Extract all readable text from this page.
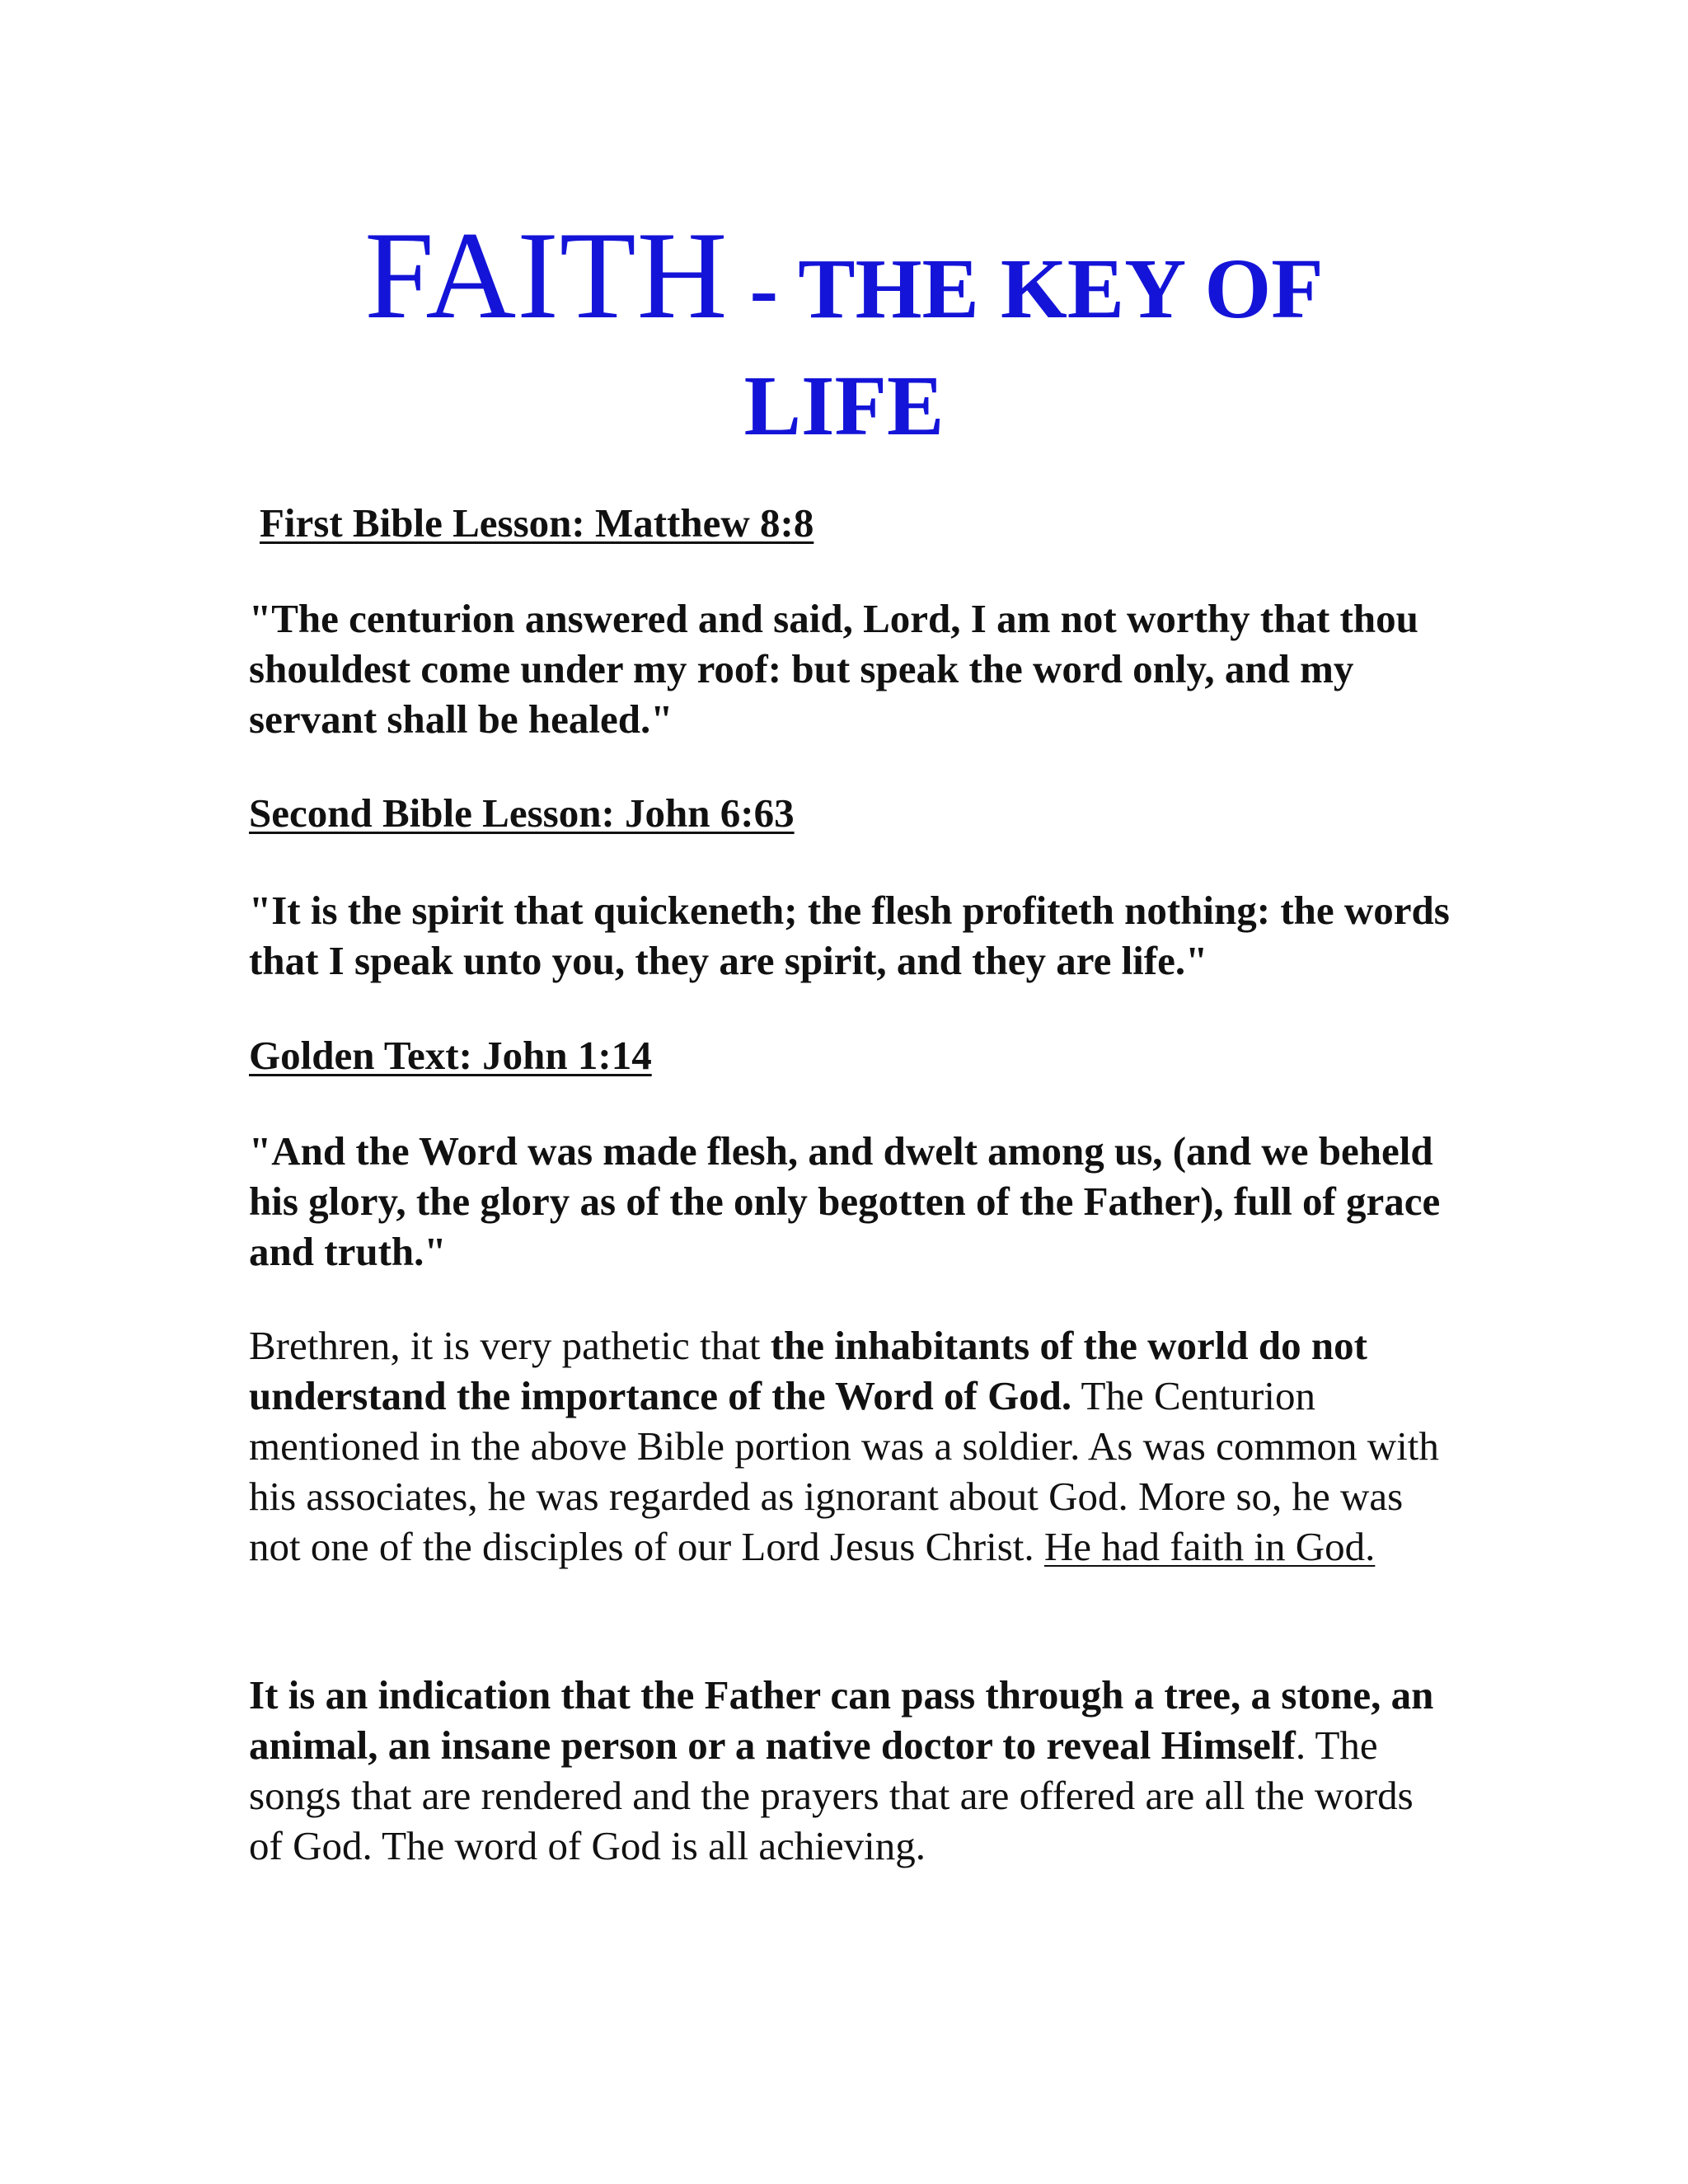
FAITH - THE KEY OF
LIFE
First Bible Lesson: Matthew 8:8
"The centurion answered and said, Lord, I am not worthy that thou shouldest come under my roof: but speak the word only, and my servant shall be healed."
Second Bible Lesson: John 6:63
"It is the spirit that quickeneth; the flesh profiteth nothing: the words that I speak unto you, they are spirit, and they are life."
Golden Text: John 1:14
"And the Word was made flesh, and dwelt among us, (and we beheld his glory, the glory as of the only begotten of the Father), full of grace and truth."
Brethren, it is very pathetic that the inhabitants of the world do not understand the importance of the Word of God. The Centurion mentioned in the above Bible portion was a soldier. As was common with his associates, he was regarded as ignorant about God. More so, he was not one of the disciples of our Lord Jesus Christ. He had faith in God.
It is an indication that the Father can pass through a tree, a stone, an animal, an insane person or a native doctor to reveal Himself. The songs that are rendered and the prayers that are offered are all the words of God. The word of God is all achieving.
